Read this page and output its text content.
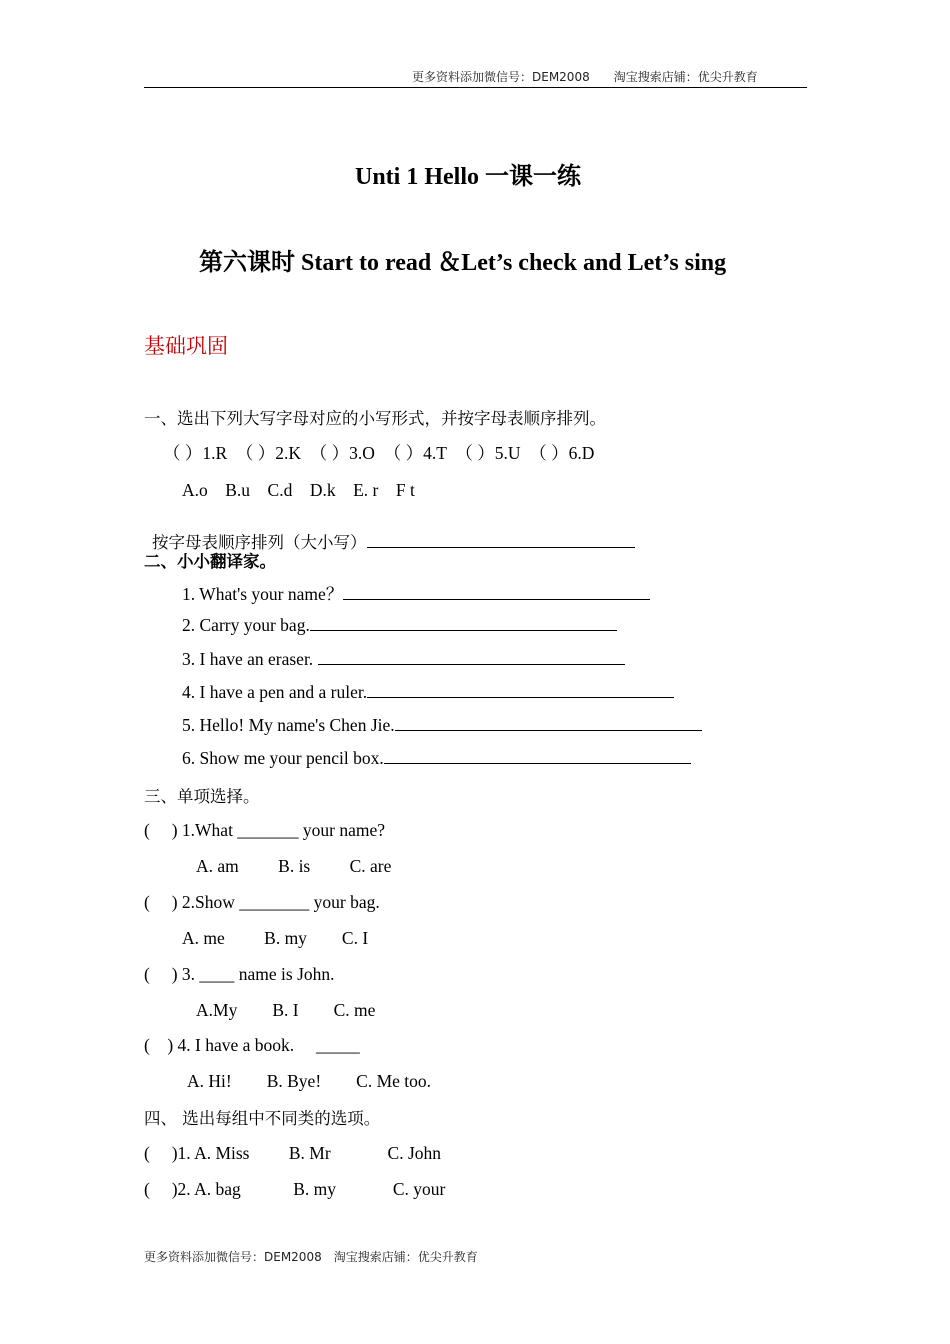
更多资料添加微信号：DEM2008　　淘宝搜索店铺：优尖升教育
Unti 1 Hello 一课一练
第六课时 Start to read ＆Let’s check and Let’s sing
基础巩固
一、选出下列大写字母对应的小写形式，并按字母表顺序排列。
（ ）1.R　（ ）2.K　（ ）3.O　（ ）4.T　（ ）5.U　（ ）6.D
A.o　B.u　C.d　D.k　E. r　F t

按字母表顺序排列（大小写）

二、小小翻译家。
1. What's your name？
2. Carry your bag.
3. I have an eraser.
4. I have a pen and a ruler.
5. Hello! My name's Chen Jie.
6. Show me your pencil box.
三、单项选择。
(　 ) 1.What _______ your name?
A. am　　 B. is　　 C. are
(　 ) 2.Show ________ your bag.
A. me　　 B. my　　C. I
(　 ) 3. ____ name is John.
A.My　　B. I　　C. me
(　) 4. I have a book.　 _____
A. Hi!　　B. Bye!　　C. Me too.
四、 选出每组中不同类的选项。
(　 )1. A. Miss　　 B. Mr　　　 C. John
(　 )2. A. bag　　　B. my　　　 C. your
更多资料添加微信号：DEM2008　淘宝搜索店铺：优尖升教育
